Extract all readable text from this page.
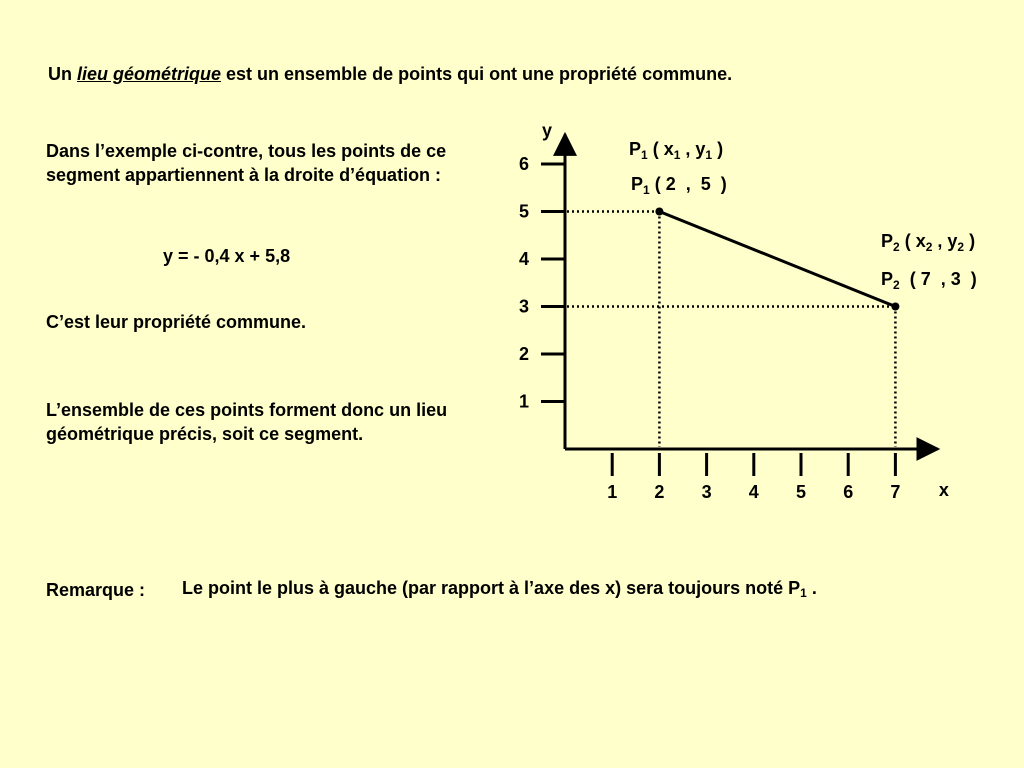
Un lieu géométrique est un ensemble de points qui ont une propriété commune.
Dans l’exemple ci-contre, tous les points de ce segment appartiennent à la droite d’équation :
y = - 0,4 x + 5,8
C’est leur propriété commune.
L’ensemble de ces points forment donc un lieu géométrique précis, soit ce segment.
Remarque : Le point le plus à gauche (par rapport à l’axe des x) sera toujours noté $P_1$ .
1 2 3 4 5 6 7
1
2
3
4
5
6
x
y
$P_1$ ( $x_1$ , $y_1$ )
$P_1$ ( 2  ,  5  )
$P_2$ ( $x_2$ , $y_2$ )
$P_2$  ( 7  , 3  )
